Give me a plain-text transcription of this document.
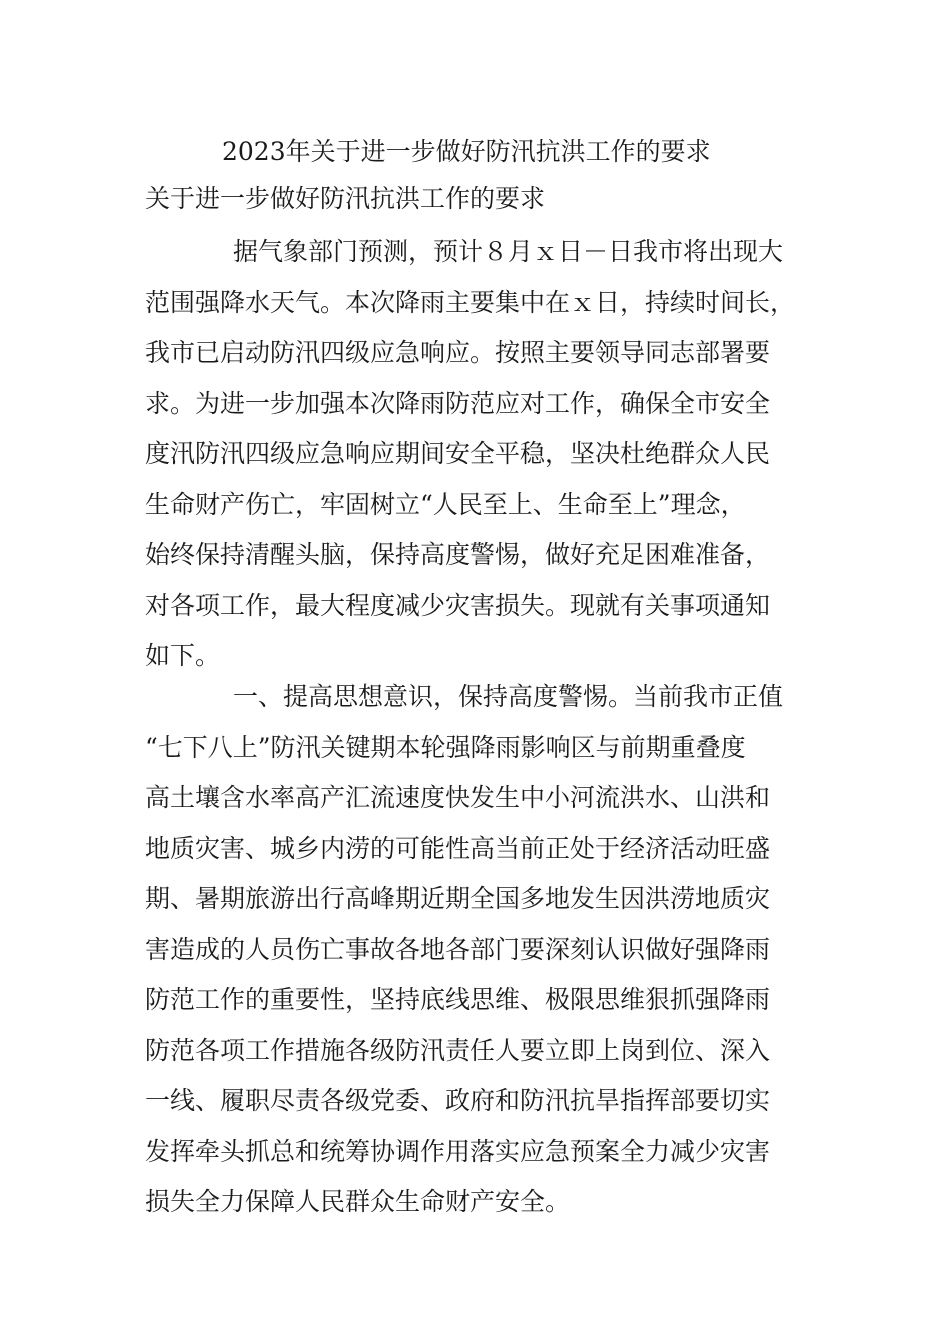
2023年关于进一步做好防汛抗洪工作的要求
关于进一步做好防汛抗洪工作的要求
据气象部门预测，预计８月ｘ日－日我市将出现大
范围强降水天气。本次降雨主要集中在ｘ日，持续时间长，
我市已启动防汛四级应急响应。按照主要领导同志部署要
求。为进一步加强本次降雨防范应对工作，确保全市安全
度汛防汛四级应急响应期间安全平稳，坚决杜绝群众人民
生命财产伤亡，牢固树立“人民至上、生命至上”理念，
始终保持清醒头脑，保持高度警惕，做好充足困难准备，
对各项工作，最大程度减少灾害损失。现就有关事项通知
如下。
一、提高思想意识，保持高度警惕。当前我市正值
“七下八上”防汛关键期本轮强降雨影响区与前期重叠度
高土壤含水率高产汇流速度快发生中小河流洪水、山洪和
地质灾害、城乡内涝的可能性高当前正处于经济活动旺盛
期、暑期旅游出行高峰期近期全国多地发生因洪涝地质灾
害造成的人员伤亡事故各地各部门要深刻认识做好强降雨
防范工作的重要性，坚持底线思维、极限思维狠抓强降雨
防范各项工作措施各级防汛责任人要立即上岗到位、深入
一线、履职尽责各级党委、政府和防汛抗旱指挥部要切实
发挥牵头抓总和统筹协调作用落实应急预案全力减少灾害
损失全力保障人民群众生命财产安全。
